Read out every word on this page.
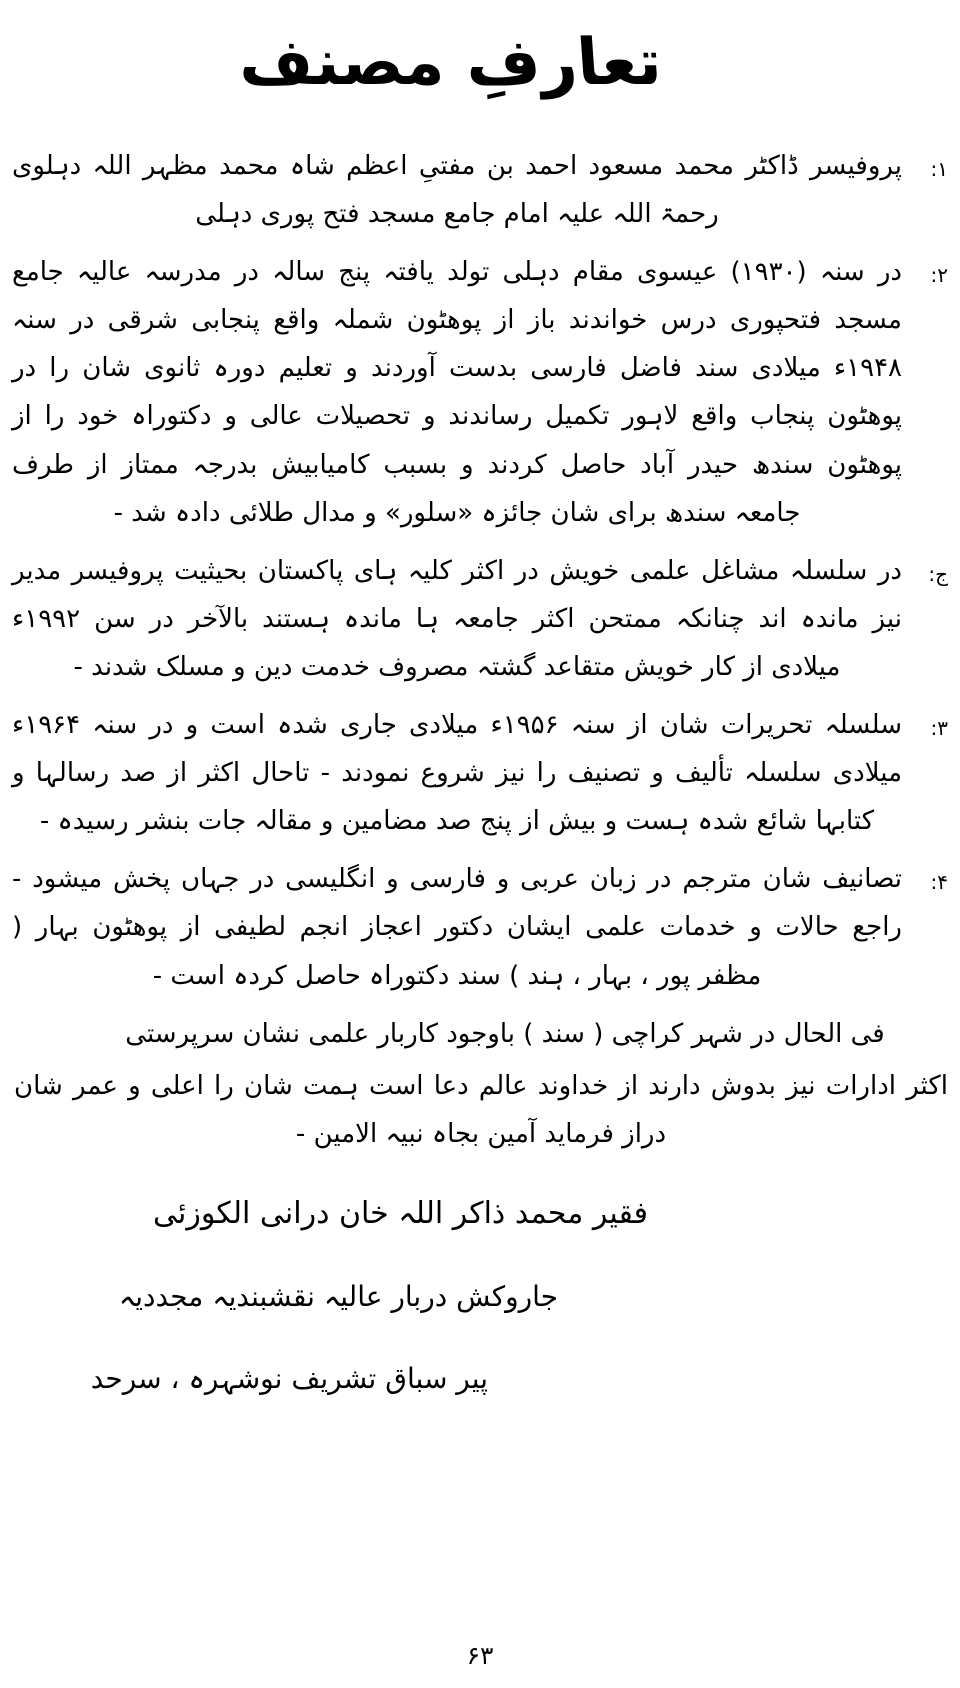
تعارفِ مصنف
۱:
پروفیسر ڈاکٹر محمد مسعود احمد بن مفتیِ اعظم شاہ محمد مظہر اللہ دہلوی رحمۃ اللہ علیہ امام جامع مسجد فتح پوری دہلی
۲:
در سنہ (۱۹۳۰) عیسوی مقام دہلی تولد یافتہ پنج سالہ در مدرسہ عالیہ جامع مسجد فتحپوری درس خواندند باز از پوھٹون شملہ واقع پنجابی شرقی در سنہ ۱۹۴۸ء میلادی سند فاضل فارسی بدست آوردند و تعلیم دورہ ثانوی شان را در پوھٹون پنجاب واقع لاہور تکمیل رساندند و تحصیلات عالی و دکتوراہ خود را از پوھٹون سندھ حیدر آباد حاصل کردند و بسبب کامیابیش بدرجہ ممتاز از طرف جامعہ سندھ برای شان جائزہ «سلور» و مدال طلائی دادہ شد -
ج:
در سلسلہ مشاغل علمی خویش در اکثر کلیہ ہای پاکستان بحیثیت پروفیسر مدیر نیز ماندہ اند چنانکہ ممتحن اکثر جامعہ ہا ماندہ ہستند بالآخر در سن ۱۹۹۲ء میلادی از کار خویش متقاعد گشتہ مصروف خدمت دین و مسلک شدند -
۳:
سلسلہ تحریرات شان از سنہ ۱۹۵۶ء میلادی جاری شدہ است و در سنہ ۱۹۶۴ء میلادی سلسلہ تألیف و تصنیف را نیز شروع نمودند - تاحال اکثر از صد رسالہا و کتابہا شائع شدہ ہست و بیش از پنج صد مضامین و مقالہ جات بنشر رسیدہ -
۴:
تصانیف شان مترجم در زبان عربی و فارسی و انگلیسی در جہاں پخش میشود - راجع حالات و خدمات علمی ایشان دکتور اعجاز انجم لطیفی از پوھٹون بہار ( مظفر پور ، بہار ، ہند ) سند دکتوراہ حاصل کردہ است -
فی الحال در شہر کراچی ( سند ) باوجود کاربار علمی نشان سرپرستی
اکثر ادارات نیز بدوش دارند از خداوند عالم دعا است ہمت شان را اعلی و عمر شان دراز فرماید آمین بجاہ نبیہ الامین -
فقیر محمد ذاکر اللہ خان درانی الکوزئی
جاروکش دربار عالیہ نقشبندیہ مجددیہ
پیر سباق تشریف نوشہرہ ، سرحد
۶۳
